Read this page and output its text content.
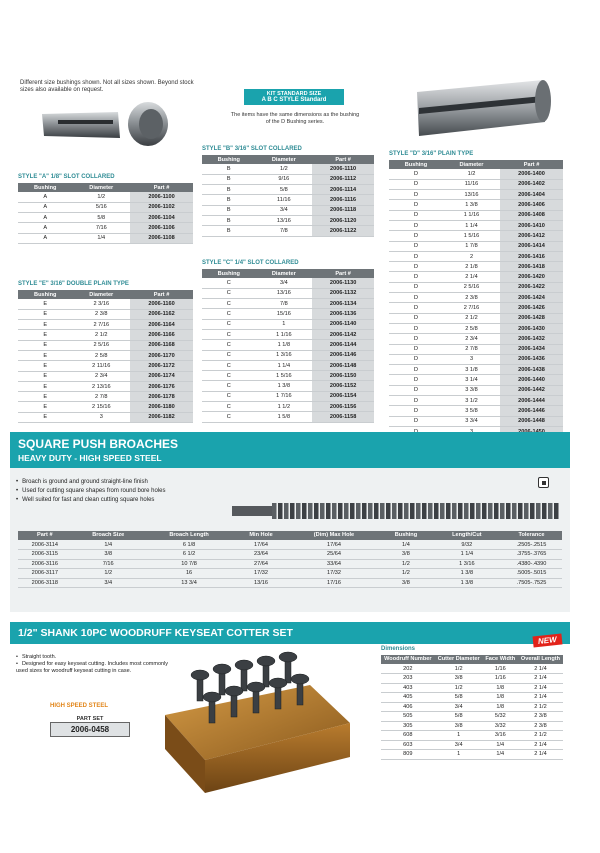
Different size bushings shown. Not all sizes shown. Beyond stock sizes also available on request.
KIT STANDARD SIZE
A B C STYLE Standard
The items have the same dimensions as the bushing of the D Bushing series.
STYLE "A" 1/8" SLOT COLLARED
Bushing	Diameter	Part #
A	1/2	2006-1100
A	5/16	2006-1102
A	5/8	2006-1104
A	7/16	2006-1106
A	1/4	2006-1108
STYLE "B" 3/16" SLOT COLLARED
Bushing	Diameter	Part #
B	1/2	2006-1110
B	9/16	2006-1112
B	5/8	2006-1114
B	11/16	2006-1116
B	3/4	2006-1118
B	13/16	2006-1120
B	7/8	2006-1122
STYLE "C" 1/4" SLOT COLLARED
Bushing	Diameter	Part #
C	3/4	2006-1130
C	13/16	2006-1132
C	7/8	2006-1134
C	15/16	2006-1136
C	1	2006-1140
C	1 1/16	2006-1142
C	1 1/8	2006-1144
C	1 3/16	2006-1146
C	1 1/4	2006-1148
C	1 5/16	2006-1150
C	1 3/8	2006-1152
C	1 7/16	2006-1154
C	1 1/2	2006-1156
C	1 5/8	2006-1158
STYLE "D" 3/16" PLAIN TYPE
Bushing	Diameter	Part #
D	1/2	2006-1400
D	11/16	2006-1402
D	13/16	2006-1404
D	1 3/8	2006-1406
D	1 1/16	2006-1408
D	1 1/4	2006-1410
D	1 5/16	2006-1412
D	1 7/8	2006-1414
D	2	2006-1416
D	2 1/8	2006-1418
D	2 1/4	2006-1420
D	2 5/16	2006-1422
D	2 3/8	2006-1424
D	2 7/16	2006-1426
D	2 1/2	2006-1428
D	2 5/8	2006-1430
D	2 3/4	2006-1432
D	2 7/8	2006-1434
D	3	2006-1436
D	3 1/8	2006-1438
D	3 1/4	2006-1440
D	3 3/8	2006-1442
D	3 1/2	2006-1444
D	3 5/8	2006-1446
D	3 3/4	2006-1448

STYLE "E" 3/16" DOUBLE PLAIN TYPE
Bushing	Diameter	Part #
E	2 3/16	2006-1160
E	2 3/8	2006-1162
E	2 7/16	2006-1164
E	2 1/2	2006-1166
E	2 5/16	2006-1168
E	2 5/8	2006-1170
E	2 11/16	2006-1172
E	2 3/4	2006-1174
E	2 13/16	2006-1176
E	2 7/8	2006-1178
E	2 15/16	2006-1180
E	3	2006-1182
SQUARE PUSH BROACHES
HEAVY DUTY - HIGH SPEED STEEL
• Broach is ground and ground straight-line finish
• Used for cutting square shapes from round bore holes
• Well suited for fast and clean cutting square holes
Part #	Broach Size	Broach Length	Min Hole	(Dim) Max Hole	Bushing	Length/Cut	Tolerance
2006-3114	1/4	6 1/8	17/64	17/64	1/4	9/32	.2505-.2515
2006-3115	3/8	6 1/2	23/64	25/64	3/8	1 1/4	.3755-.3765
2006-3116	7/16	10 7/8	27/64	33/64	1/2	1 3/16	.4380-.4390
2006-3117	1/2	16	17/32	17/32	1/2	1 3/8	.5005-.5015
2006-3118	3/4	13 3/4	13/16	17/16	3/8	1 3/8	.7505-.7525
1/2" SHANK 10PC WOODRUFF KEYSEAT COTTER SET
NEW
• Straight tooth.
• Designed for easy keyseat cutting. Includes most commonly used sizes for woodruff keyseat cutting in case.
HIGH SPEED STEEL
PART SET
2006-0458
Dimensions
Woodruff Number	Cutter Diameter	Face Width	Overall Length
202	1/2	1/16	2 1/4
203	3/8	1/16	2 1/4
403	1/2	1/8	2 1/4
405	5/8	1/8	2 1/4
406	3/4	1/8	2 1/2
505	5/8	5/32	2 3/8
305	3/8	3/32	2 3/8
608	1	3/16	2 1/2
603	3/4	1/4	2 1/4
809	1	1/4	2 1/4
